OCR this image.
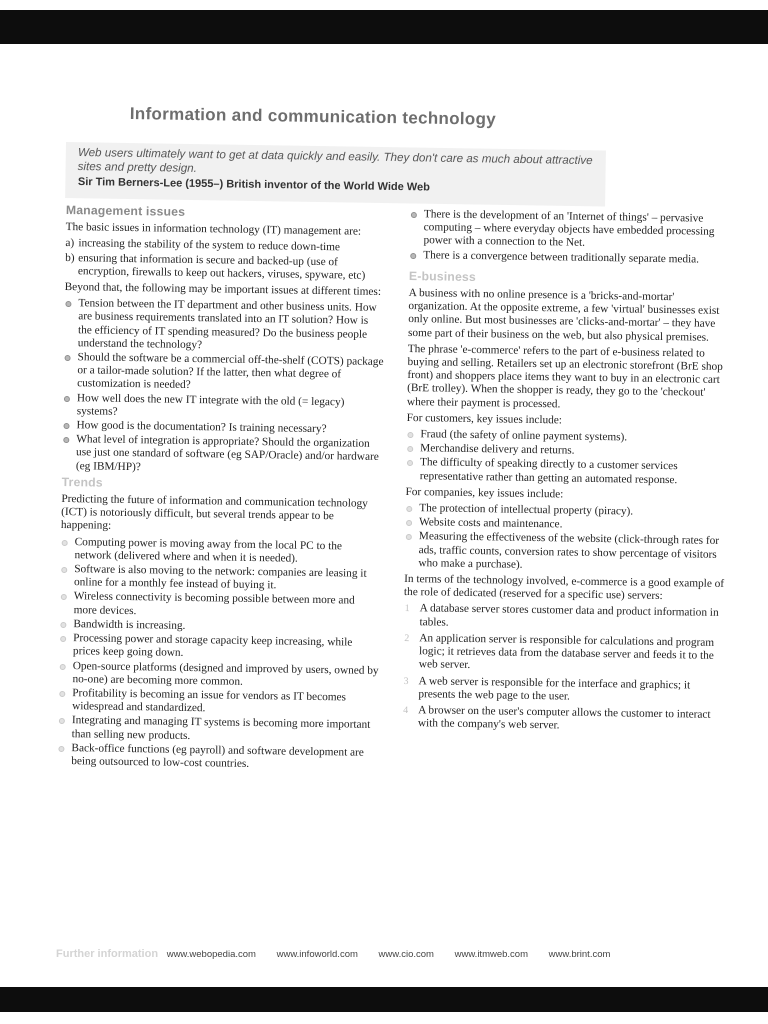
Information and communication technology
Web users ultimately want to get at data quickly and easily. They don't care as much about attractive sites and pretty design.
Sir Tim Berners-Lee (1955–) British inventor of the World Wide Web
Management issues

The basic issues in information technology (IT) management are:

a) increasing the stability of the system to reduce down-time
b) ensuring that information is secure and backed-up (use of encryption, firewalls to keep out hackers, viruses, spyware, etc)

Beyond that, the following may be important issues at different times:

Tension between the IT department and other business units. How are business requirements translated into an IT solution? How is the efficiency of IT spending measured? Do the business people understand the technology?
Should the software be a commercial off-the-shelf (COTS) package or a tailor-made solution? If the latter, then what degree of customization is needed?
How well does the new IT integrate with the old (= legacy) systems?
How good is the documentation? Is training necessary?
What level of integration is appropriate? Should the organization use just one standard of software (eg SAP/Oracle) and/or hardware (eg IBM/HP)?
Trends

Predicting the future of information and communication technology (ICT) is notoriously difficult, but several trends appear to be happening:

Computing power is moving away from the local PC to the network (delivered where and when it is needed).
Software is also moving to the network: companies are leasing it online for a monthly fee instead of buying it.
Wireless connectivity is becoming possible between more and more devices.
Bandwidth is increasing.
Processing power and storage capacity keep increasing, while prices keep going down.
Open-source platforms (designed and improved by users, owned by no-one) are becoming more common.
Profitability is becoming an issue for vendors as IT becomes widespread and standardized.
Integrating and managing IT systems is becoming more important than selling new products.
Back-office functions (eg payroll) and software development are being outsourced to low-cost countries.
There is the development of an 'Internet of things' – pervasive computing – where everyday objects have embedded processing power with a connection to the Net.
There is a convergence between traditionally separate media.
E-business

A business with no online presence is a 'bricks-and-mortar' organization. At the opposite extreme, a few 'virtual' businesses exist only online. But most businesses are 'clicks-and-mortar' – they have some part of their business on the web, but also physical premises.

The phrase 'e-commerce' refers to the part of e-business related to buying and selling. Retailers set up an electronic storefront (BrE shop front) and shoppers place items they want to buy in an electronic cart (BrE trolley). When the shopper is ready, they go to the 'checkout' where their payment is processed.

For customers, key issues include:

Fraud (the safety of online payment systems).
Merchandise delivery and returns.
The difficulty of speaking directly to a customer services representative rather than getting an automated response.

For companies, key issues include:

The protection of intellectual property (piracy).
Website costs and maintenance.
Measuring the effectiveness of the website (click-through rates for ads, traffic counts, conversion rates to show percentage of visitors who make a purchase).

In terms of the technology involved, e-commerce is a good example of the role of dedicated (reserved for a specific use) servers:

1 A database server stores customer data and product information in tables.
2 An application server is responsible for calculations and program logic; it retrieves data from the database server and feeds it to the web server.
3 A web server is responsible for the interface and graphics; it presents the web page to the user.
4 A browser on the user's computer allows the customer to interact with the company's web server.
Further information www.webopedia.com www.infoworld.com www.cio.com www.itmweb.com www.brint.com
